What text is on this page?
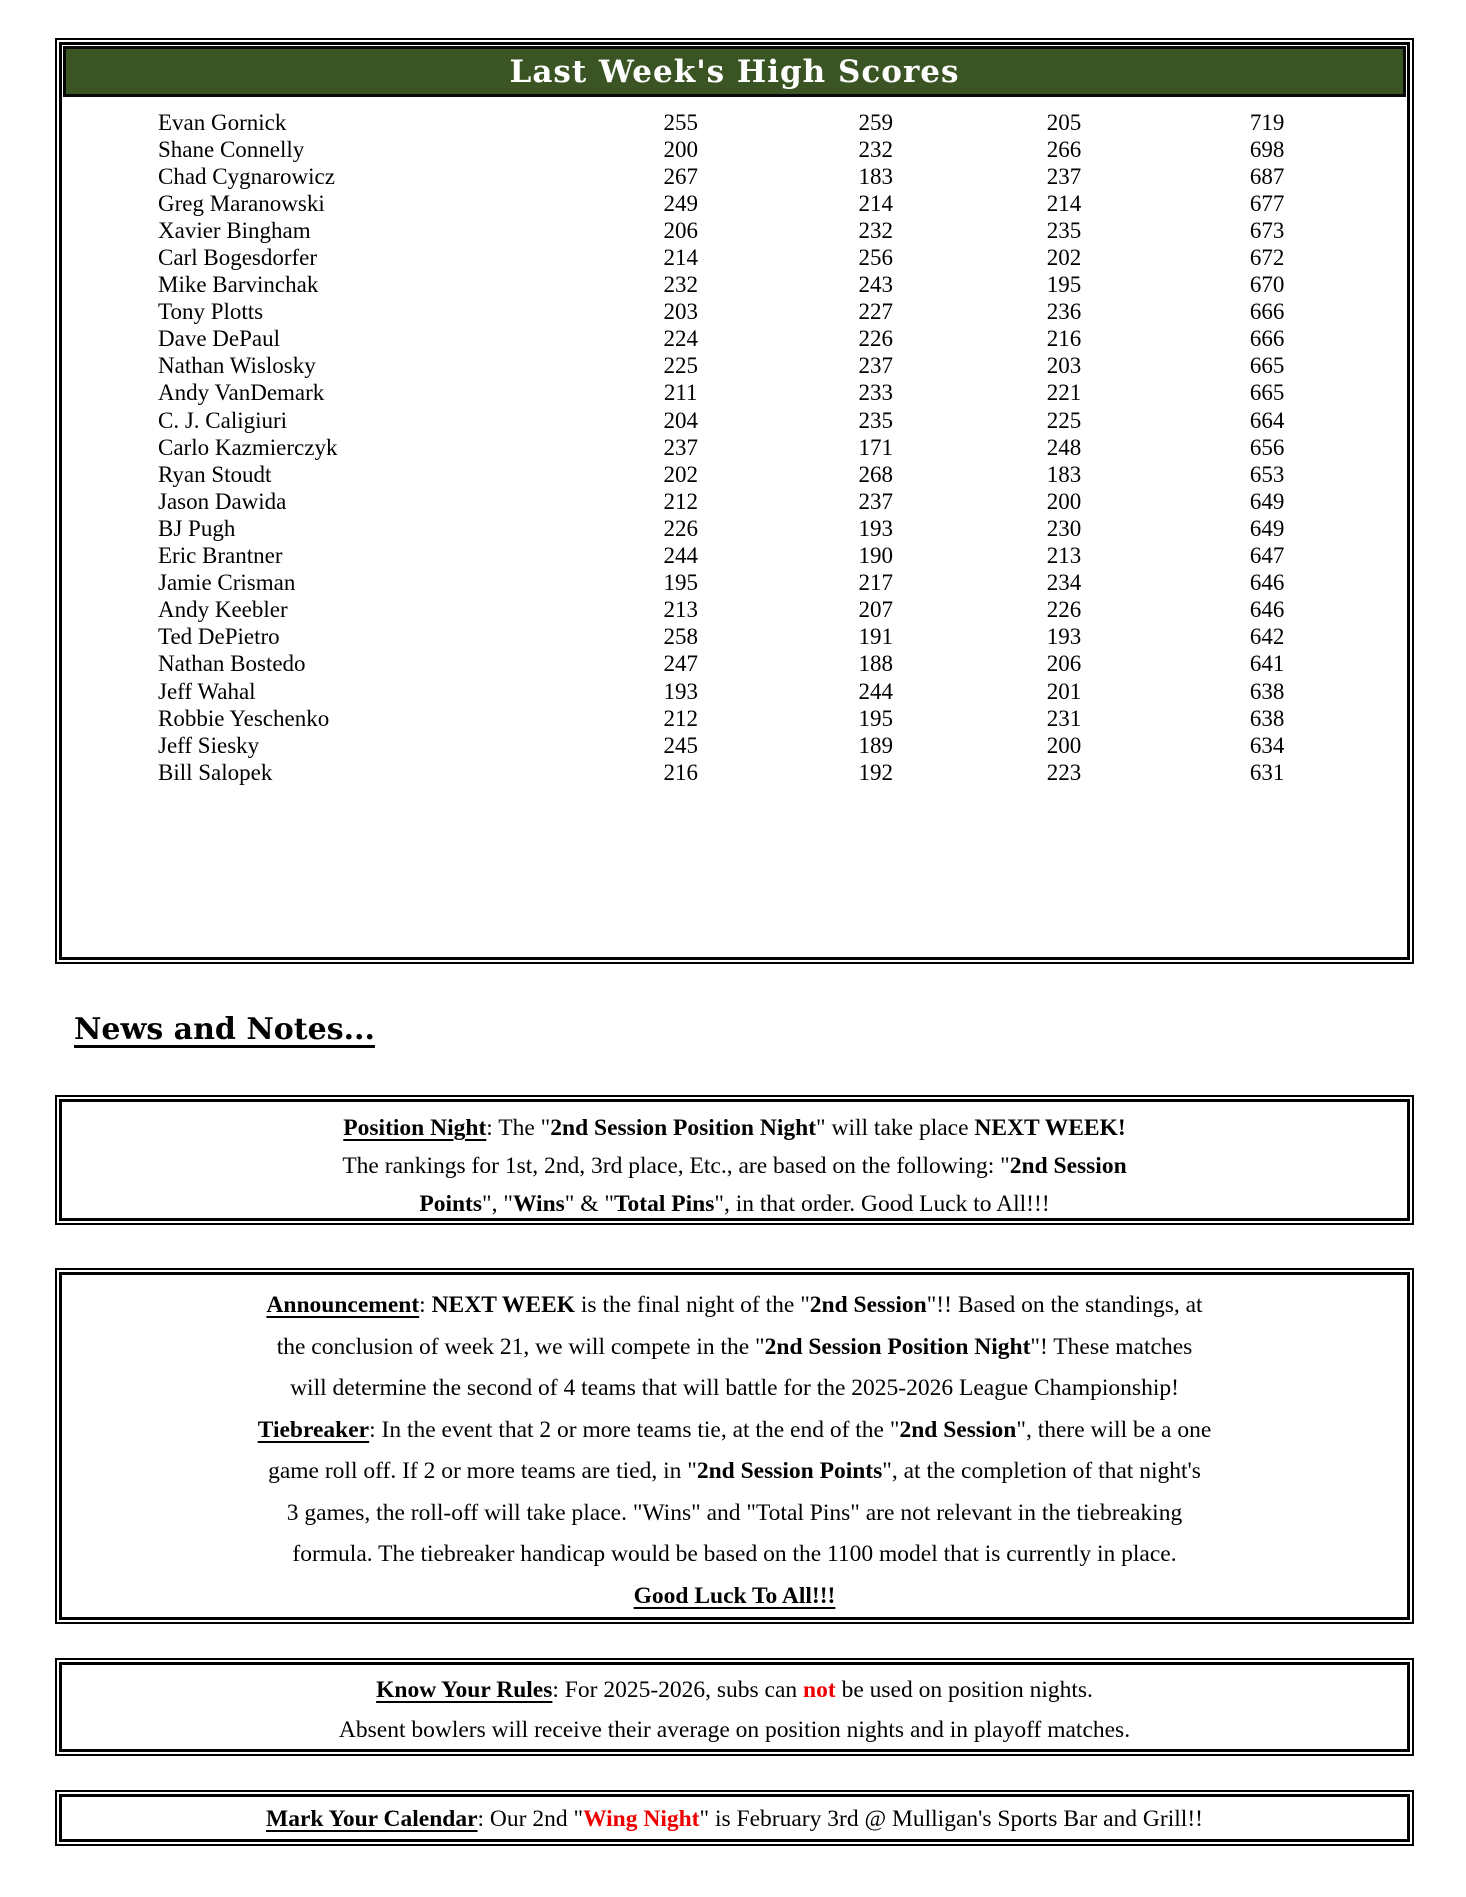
Last Week's High Scores
Evan Gornick	255	259	205	719
Shane Connelly	200	232	266	698
Chad Cygnarowicz	267	183	237	687
Greg Maranowski	249	214	214	677
Xavier Bingham	206	232	235	673
Carl Bogesdorfer	214	256	202	672
Mike Barvinchak	232	243	195	670
Tony Plotts	203	227	236	666
Dave DePaul	224	226	216	666
Nathan Wislosky	225	237	203	665
Andy VanDemark	211	233	221	665
C. J. Caligiuri	204	235	225	664
Carlo Kazmierczyk	237	171	248	656
Ryan Stoudt	202	268	183	653
Jason Dawida	212	237	200	649
BJ Pugh	226	193	230	649
Eric Brantner	244	190	213	647
Jamie Crisman	195	217	234	646
Andy Keebler	213	207	226	646
Ted DePietro	258	191	193	642
Nathan Bostedo	247	188	206	641
Jeff Wahal	193	244	201	638
Robbie Yeschenko	212	195	231	638
Jeff Siesky	245	189	200	634
Bill Salopek	216	192	223	631
News and Notes...
Position Night: The "2nd Session Position Night" will take place NEXT WEEK!
The rankings for 1st, 2nd, 3rd place, Etc., are based on the following: "2nd Session
Points", "Wins" & "Total Pins", in that order. Good Luck to All!!!
Announcement: NEXT WEEK is the final night of the "2nd Session"!! Based on the standings, at
the conclusion of week 21, we will compete in the "2nd Session Position Night"! These matches
will determine the second of 4 teams that will battle for the 2025-2026 League Championship!
Tiebreaker: In the event that 2 or more teams tie, at the end of the "2nd Session", there will be a one
game roll off. If 2 or more teams are tied, in "2nd Session Points", at the completion of that night's
3 games, the roll-off will take place. "Wins" and "Total Pins" are not relevant in the tiebreaking
formula. The tiebreaker handicap would be based on the 1100 model that is currently in place.
Good Luck To All!!!
Know Your Rules: For 2025-2026, subs can not be used on position nights.
Absent bowlers will receive their average on position nights and in playoff matches.
Mark Your Calendar: Our 2nd "Wing Night" is February 3rd @ Mulligan's Sports Bar and Grill!!
